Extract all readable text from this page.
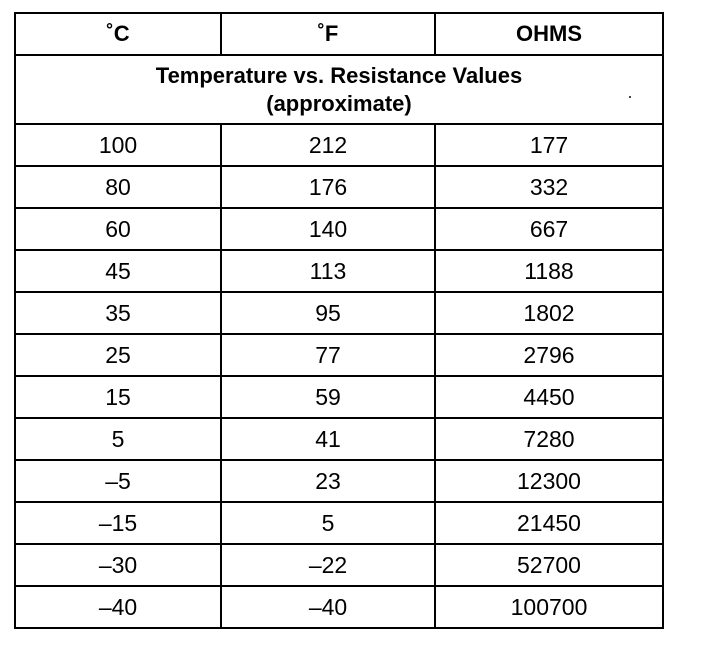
˚C	˚F	OHMS

Temperature vs. Resistance Values
(approximate)		

100	212	177
80	176	332
60	140	667
45	113	1188
35	95	1802
25	77	2796
15	59	4450
5	41	7280
–5	23	12300
–15	5	21450
–30	–22	52700
–40	–40	100700
